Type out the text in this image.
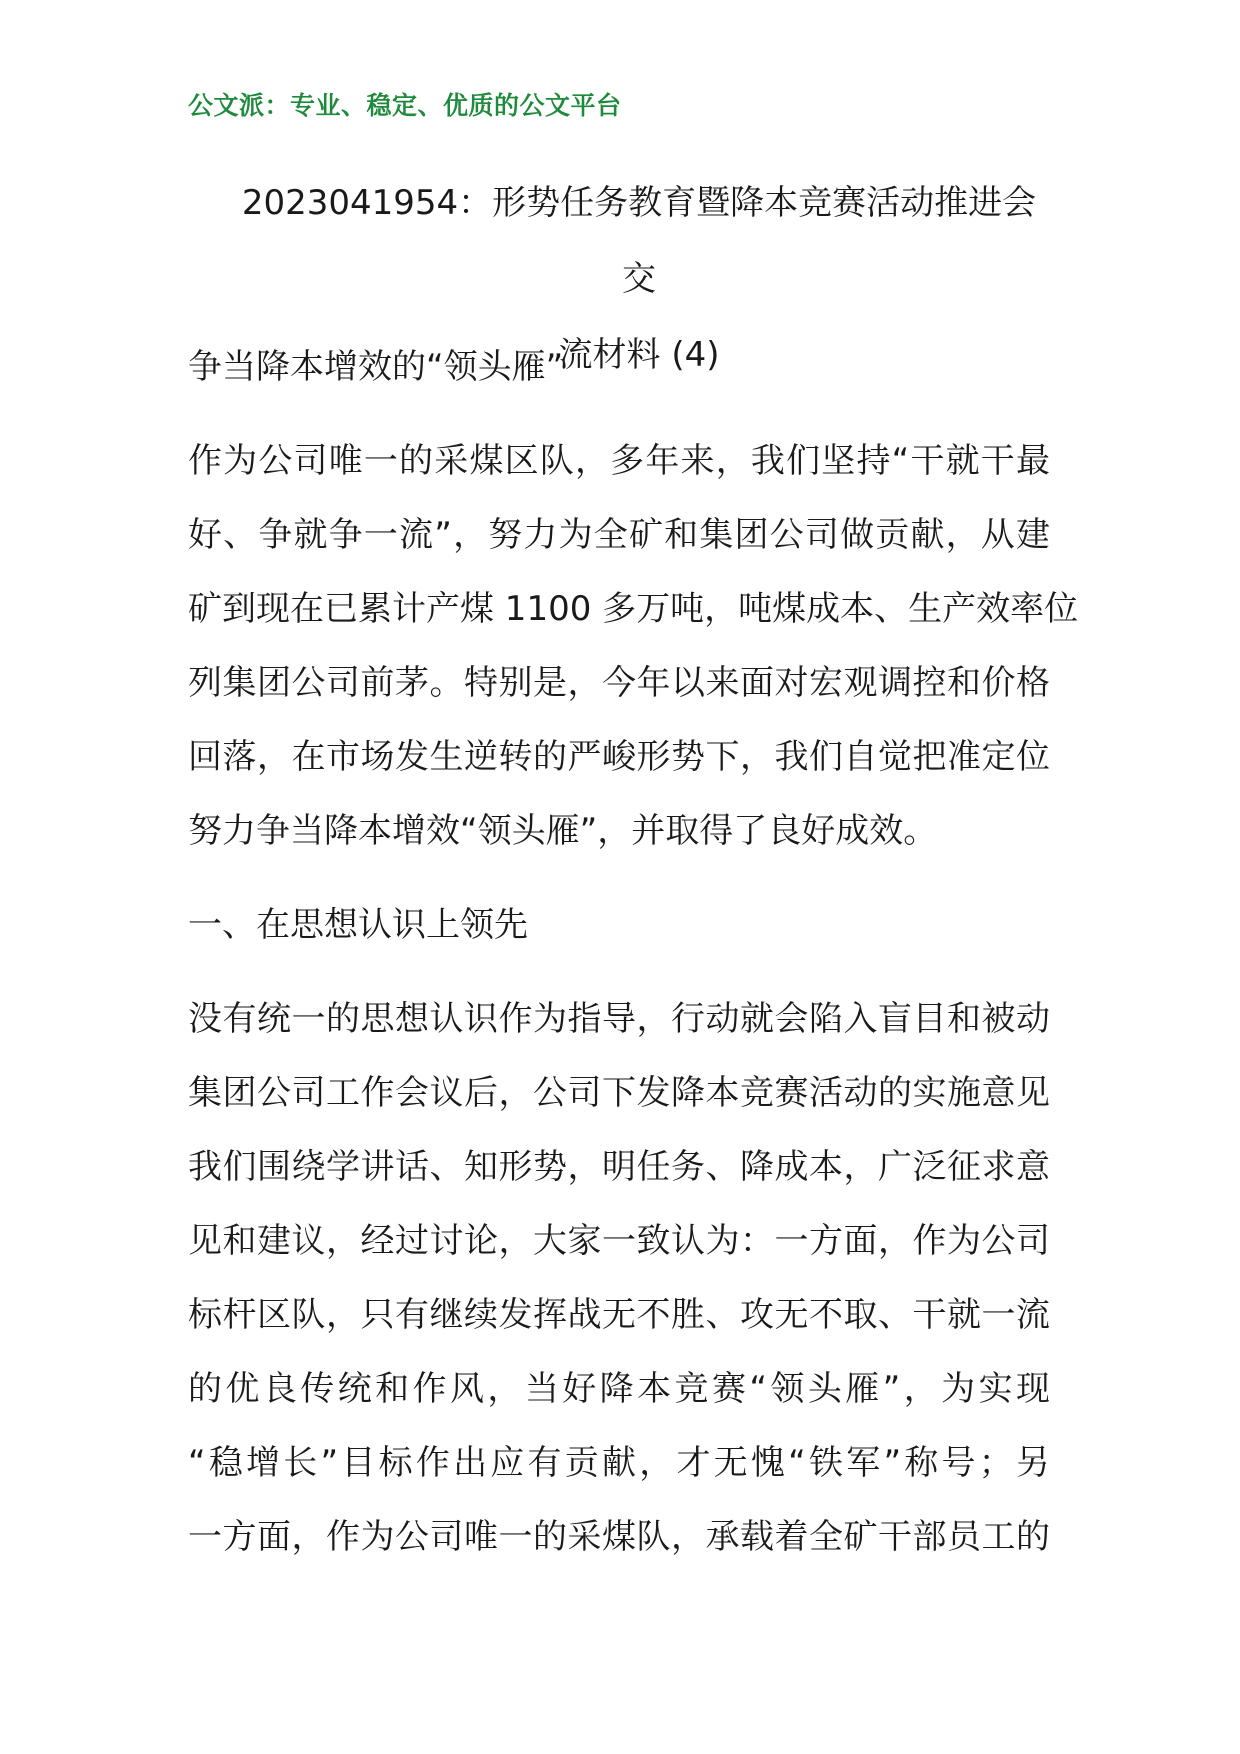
公文派：专业、稳定、优质的公文平台
2023041954：形势任务教育暨降本竞赛活动推进会交
流材料 (4)
争当降本增效的“领头雁”
作为公司唯一的采煤区队，多年来，我们坚持“干就干最
好、争就争一流”，努力为全矿和集团公司做贡献，从建
矿到现在已累计产煤 1100 多万吨，吨煤成本、生产效率位
列集团公司前茅。特别是，今年以来面对宏观调控和价格
回落，在市场发生逆转的严峻形势下，我们自觉把准定位
努力争当降本增效“领头雁”，并取得了良好成效。
一、在思想认识上领先
没有统一的思想认识作为指导，行动就会陷入盲目和被动
集团公司工作会议后，公司下发降本竞赛活动的实施意见
我们围绕学讲话、知形势，明任务、降成本，广泛征求意
见和建议，经过讨论，大家一致认为：一方面，作为公司
标杆区队，只有继续发挥战无不胜、攻无不取、干就一流
的优良传统和作风，当好降本竞赛“领头雁”，为实现
“稳增长”目标作出应有贡献，才无愧“铁军”称号；另
一方面，作为公司唯一的采煤队，承载着全矿干部员工的
